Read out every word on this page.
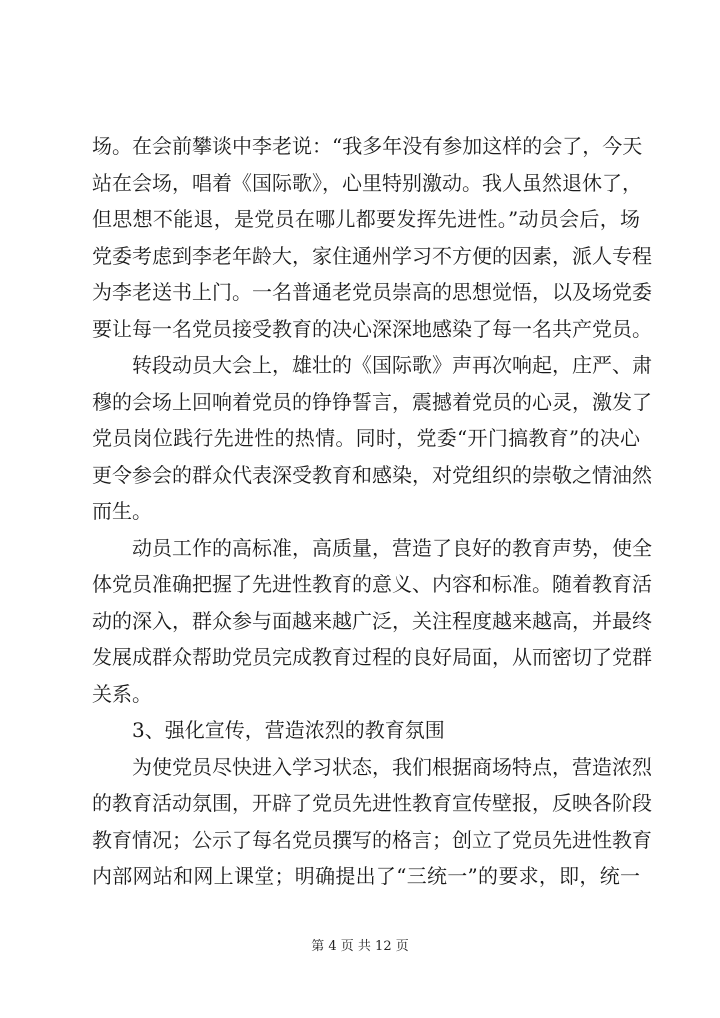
场。在会前攀谈中李老说：“我多年没有参加这样的会了，今天
站在会场，唱着《国际歌》，心里特别激动。我人虽然退休了，
但思想不能退，是党员在哪儿都要发挥先进性。”动员会后，场
党委考虑到李老年龄大，家住通州学习不方便的因素，派人专程
为李老送书上门。一名普通老党员崇高的思想觉悟，以及场党委
要让每一名党员接受教育的决心深深地感染了每一名共产党员。

转段动员大会上，雄壮的《国际歌》声再次响起，庄严、肃
穆的会场上回响着党员的铮铮誓言，震撼着党员的心灵，激发了
党员岗位践行先进性的热情。同时，党委“开门搞教育”的决心
更令参会的群众代表深受教育和感染，对党组织的崇敬之情油然
而生。

动员工作的高标准，高质量，营造了良好的教育声势，使全
体党员准确把握了先进性教育的意义、内容和标准。随着教育活
动的深入，群众参与面越来越广泛，关注程度越来越高，并最终
发展成群众帮助党员完成教育过程的良好局面，从而密切了党群
关系。

3、强化宣传，营造浓烈的教育氛围

为使党员尽快进入学习状态，我们根据商场特点，营造浓烈
的教育活动氛围，开辟了党员先进性教育宣传壁报，反映各阶段
教育情况；公示了每名党员撰写的格言；创立了党员先进性教育
内部网站和网上课堂；明确提出了“三统一”的要求，即，统一

第 4 页 共 12 页
